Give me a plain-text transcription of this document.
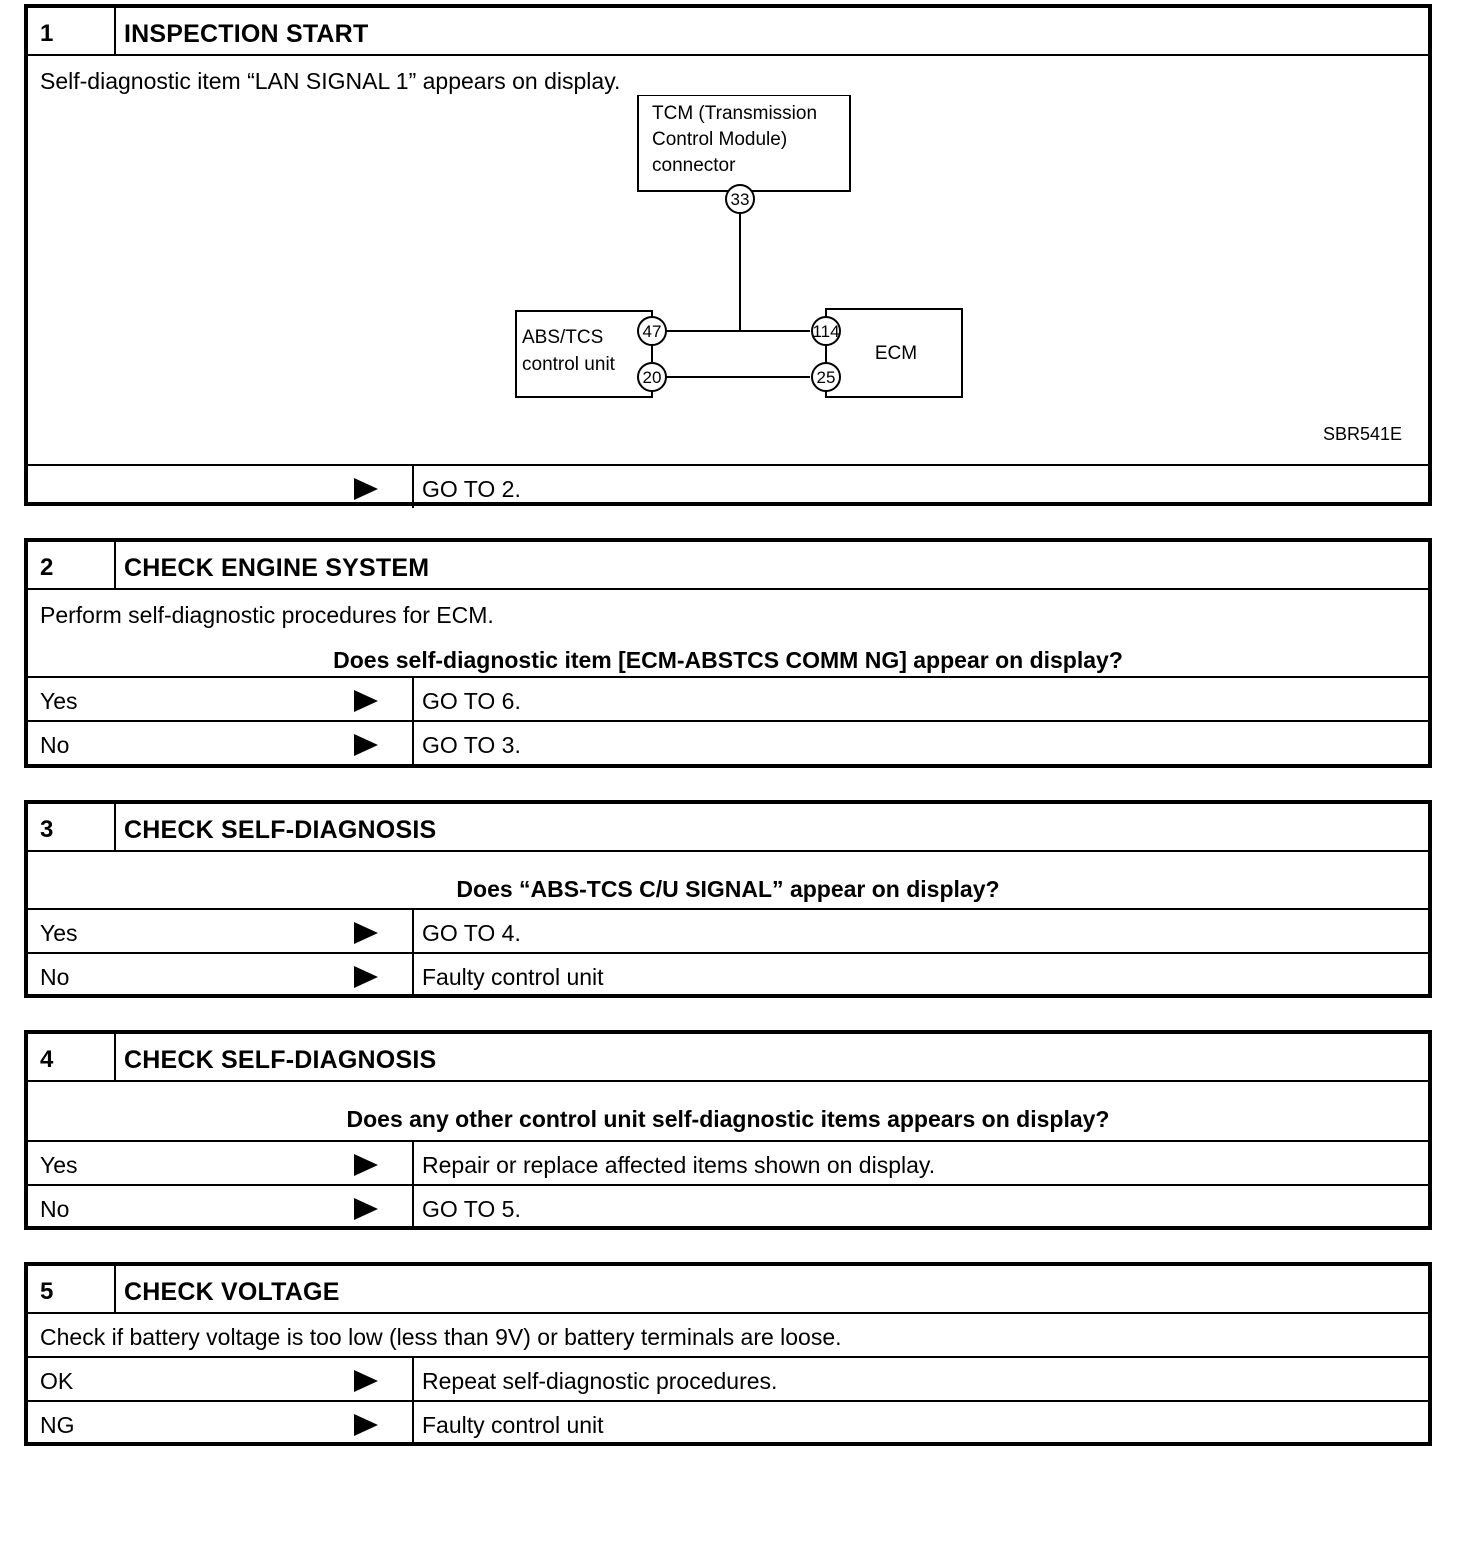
1	INSPECTION START
Self-diagnostic item “LAN SIGNAL 1” appears on display.
TCM (Transmission
Control Module)
connector
33
ABS/TCS
control unit
ECM
47
20
114
25
SBR541E
GO TO 2.
2	CHECK ENGINE SYSTEM
Perform self-diagnostic procedures for ECM.
Does self-diagnostic item [ECM-ABSTCS COMM NG] appear on display?
Yes	GO TO 6.
No	GO TO 3.
3	CHECK SELF-DIAGNOSIS
Does “ABS-TCS C/U SIGNAL” appear on display?
Yes	GO TO 4.
No	Faulty control unit
4	CHECK SELF-DIAGNOSIS
Does any other control unit self-diagnostic items appears on display?
Yes	Repair or replace affected items shown on display.
No	GO TO 5.
5	CHECK VOLTAGE
Check if battery voltage is too low (less than 9V) or battery terminals are loose.
OK	Repeat self-diagnostic procedures.
NG	Faulty control unit
